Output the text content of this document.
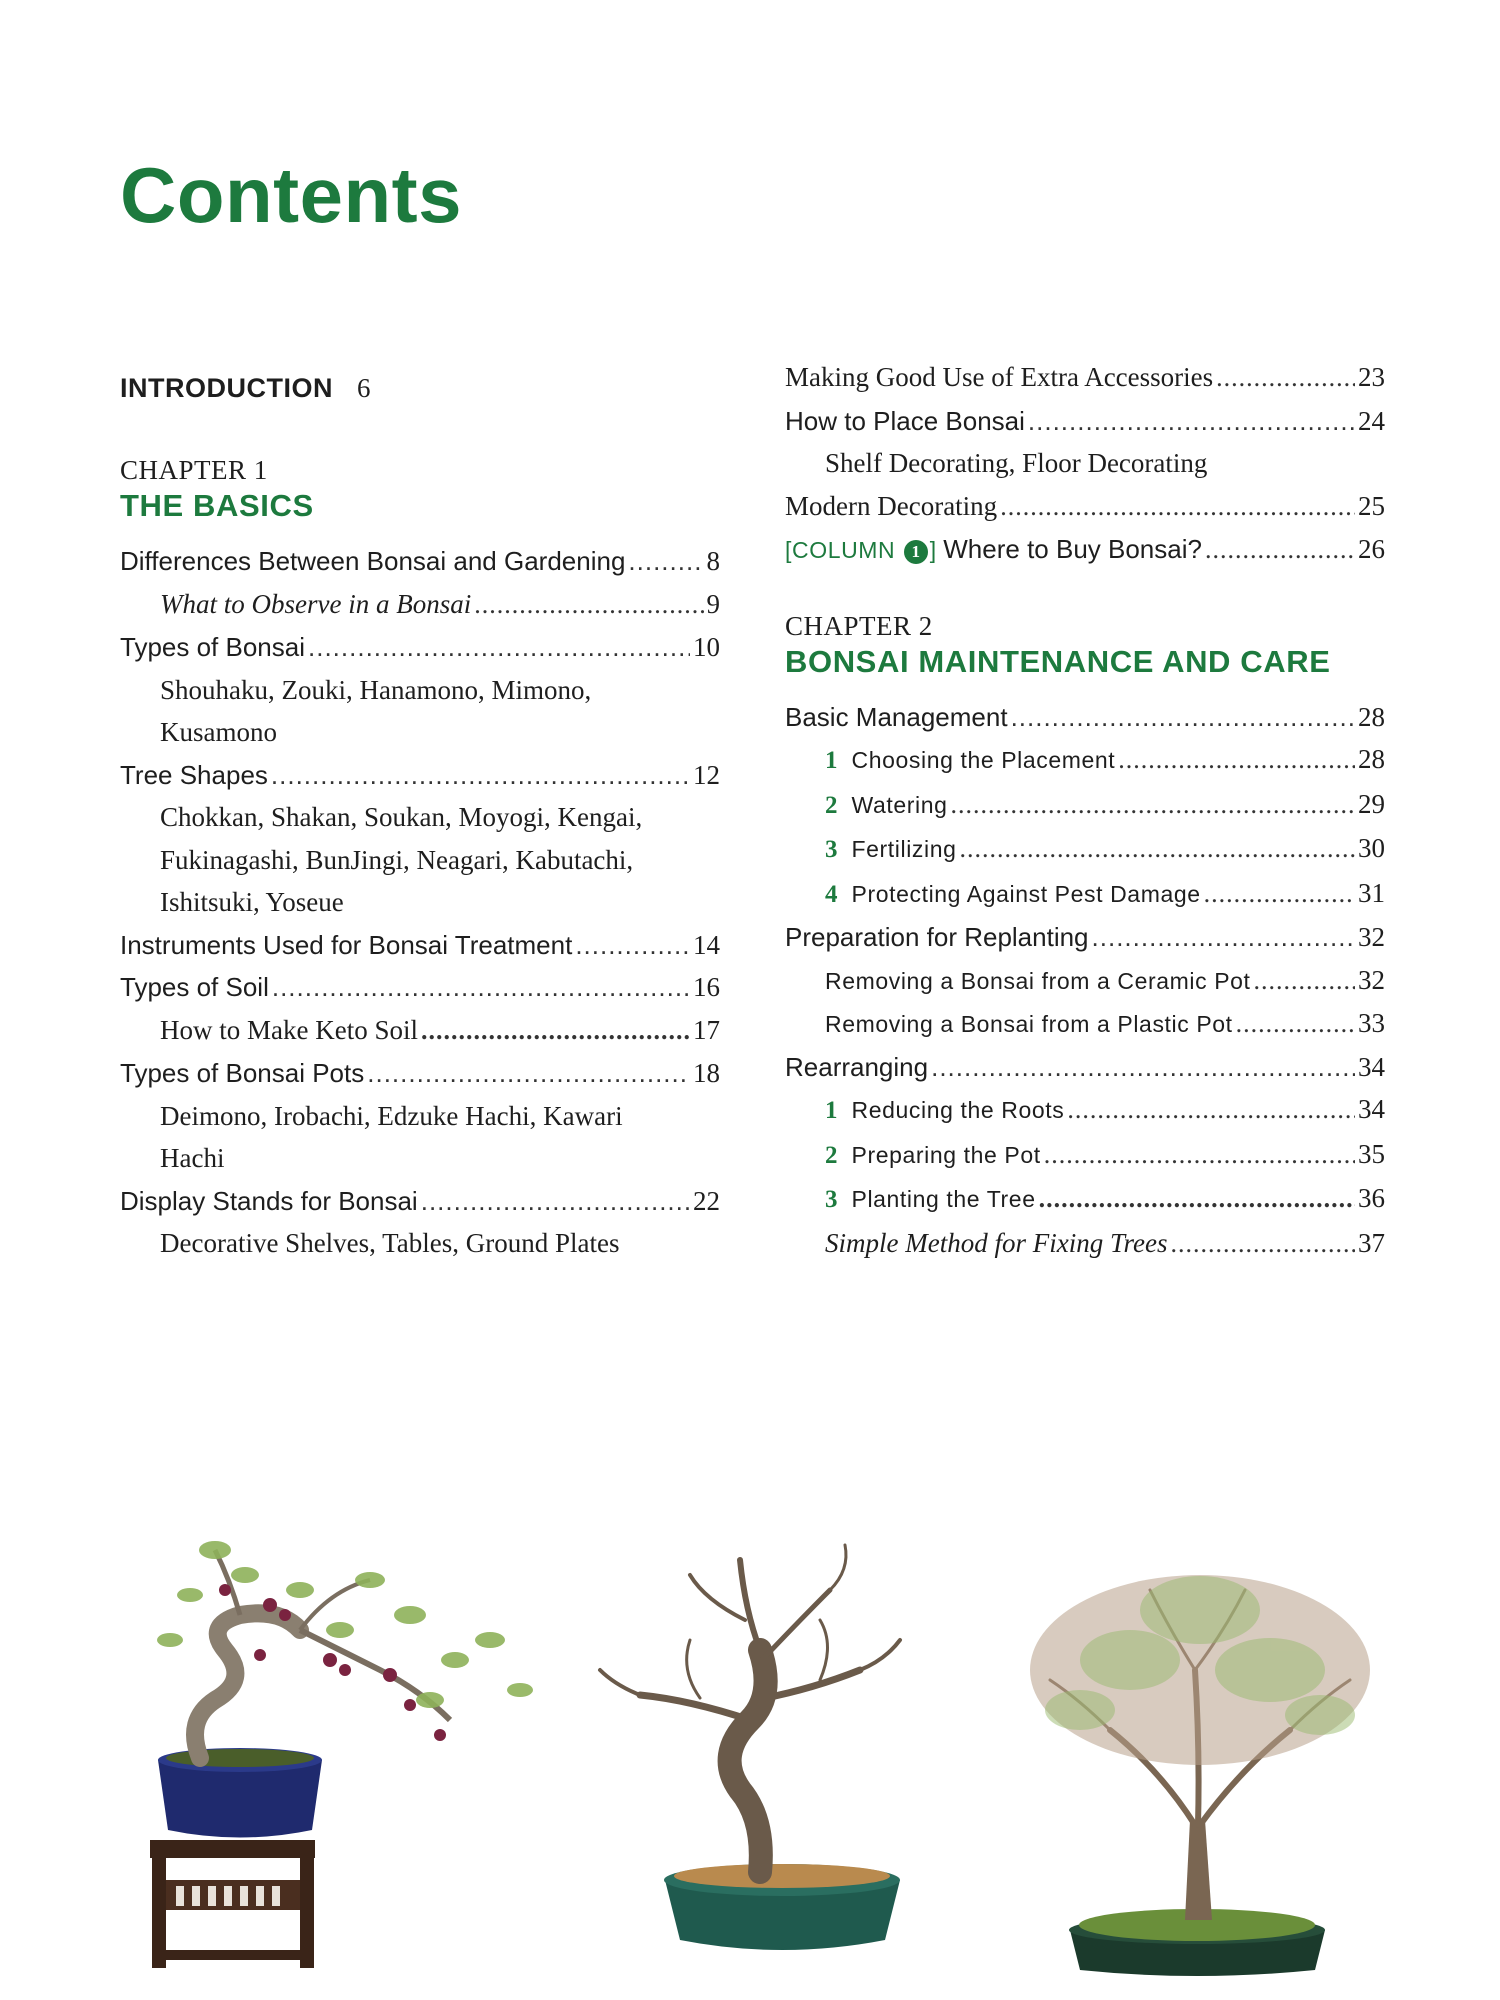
Contents
INTRODUCTION 6
CHAPTER 1
THE BASICS
Differences Between Bonsai and Gardening .....	8
What to Observe in a Bonsai .....	9
Types of Bonsai .....	10
Shouhaku, Zouki, Hanamono, Mimono, Kusamono
Tree Shapes .....	12
Chokkan, Shakan, Soukan, Moyogi, Kengai, Fukinagashi, BunJingi, Neagari, Kabutachi, Ishitsuki, Yoseue
Instruments Used for Bonsai Treatment .....	14
Types of Soil .....	16
How to Make Keto Soil .....	17
Types of Bonsai Pots .....	18
Deimono, Irobachi, Edzuke Hachi, Kawari Hachi
Display Stands for Bonsai .....	22
Decorative Shelves, Tables, Ground Plates
Making Good Use of Extra Accessories .....	23
How to Place Bonsai .....	24
Shelf Decorating, Floor Decorating
Modern Decorating .....	25
[COLUMN 1 ] Where to Buy Bonsai? .....	26
CHAPTER 2
BONSAI MAINTENANCE AND CARE
Basic Management .....	28
1 Choosing the Placement .....	28
2 Watering .....	29
3 Fertilizing .....	30
4 Protecting Against Pest Damage .....	31
Preparation for Replanting .....	32
Removing a Bonsai from a Ceramic Pot .....	32
Removing a Bonsai from a Plastic Pot .....	33
Rearranging .....	34
1 Reducing the Roots .....	34
2 Preparing the Pot .....	35
3 Planting the Tree .....	36
Simple Method for Fixing Trees .....	37
